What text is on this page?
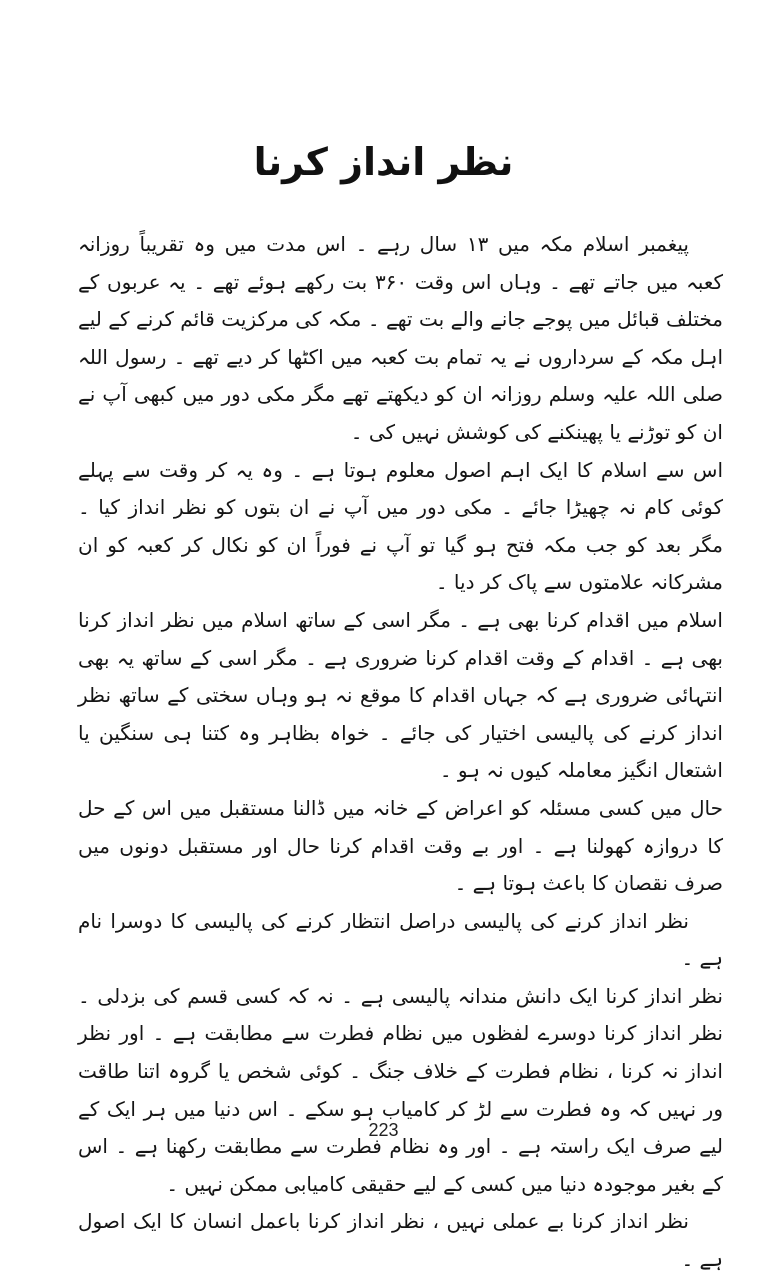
نظر انداز کرنا

پیغمبر اسلام مکہ میں ۱۳ سال رہے ۔ اس مدت میں وہ تقریباً روزانہ کعبہ میں جاتے تھے ۔ وہاں اس وقت ۳۶۰ بت رکھے ہوئے تھے ۔ یہ عربوں کے مختلف قبائل میں پوجے جانے والے بت تھے ۔ مکہ کی مرکزیت قائم کرنے کے لیے اہل مکہ کے سرداروں نے یہ تمام بت کعبہ میں اکٹھا کر دیے تھے ۔ رسول اللہ صلی اللہ علیہ وسلم روزانہ ان کو دیکھتے تھے مگر مکی دور میں کبھی آپ نے ان کو توڑنے یا پھینکنے کی کوشش نہیں کی ۔

اس سے اسلام کا ایک اہم اصول معلوم ہوتا ہے ۔ وہ یہ کر وقت سے پہلے کوئی کام نہ چھیڑا جائے ۔ مکی دور میں آپ نے ان بتوں کو نظر انداز کیا ۔ مگر بعد کو جب مکہ فتح ہو گیا تو آپ نے فوراً ان کو نکال کر کعبہ کو ان مشرکانہ علامتوں سے پاک کر دیا ۔

اسلام میں اقدام کرنا بھی ہے ۔ مگر اسی کے ساتھ اسلام میں نظر انداز کرنا بھی ہے ۔ اقدام کے وقت اقدام کرنا ضروری ہے ۔ مگر اسی کے ساتھ یہ بھی انتہائی ضروری ہے کہ جہاں اقدام کا موقع نہ ہو وہاں سختی کے ساتھ نظر انداز کرنے کی پالیسی اختیار کی جائے ۔ خواہ بظاہر وہ کتنا ہی سنگین یا اشتعال انگیز معاملہ کیوں نہ ہو ۔

حال میں کسی مسئلہ کو اعراض کے خانہ میں ڈالنا مستقبل میں اس کے حل کا دروازہ کھولنا ہے ۔ اور بے وقت اقدام کرنا حال اور مستقبل دونوں میں صرف نقصان کا باعث ہوتا ہے ۔

نظر انداز کرنے کی پالیسی دراصل انتظار کرنے کی پالیسی کا دوسرا نام ہے ۔

نظر انداز کرنا ایک دانش مندانہ پالیسی ہے ۔ نہ کہ کسی قسم کی بزدلی ۔ نظر انداز کرنا دوسرے لفظوں میں نظام فطرت سے مطابقت ہے ۔ اور نظر انداز نہ کرنا ، نظام فطرت کے خلاف جنگ ۔ کوئی شخص یا گروہ اتنا طاقت ور نہیں کہ وہ فطرت سے لڑ کر کامیاب ہو سکے ۔ اس دنیا میں ہر ایک کے لیے صرف ایک راستہ ہے ۔ اور وہ نظام فطرت سے مطابقت رکھنا ہے ۔ اس کے بغیر موجودہ دنیا میں کسی کے لیے حقیقی کامیابی ممکن نہیں ۔

نظر انداز کرنا بے عملی نہیں ، نظر انداز کرنا باعمل انسان کا ایک اصول ہے ۔

223
